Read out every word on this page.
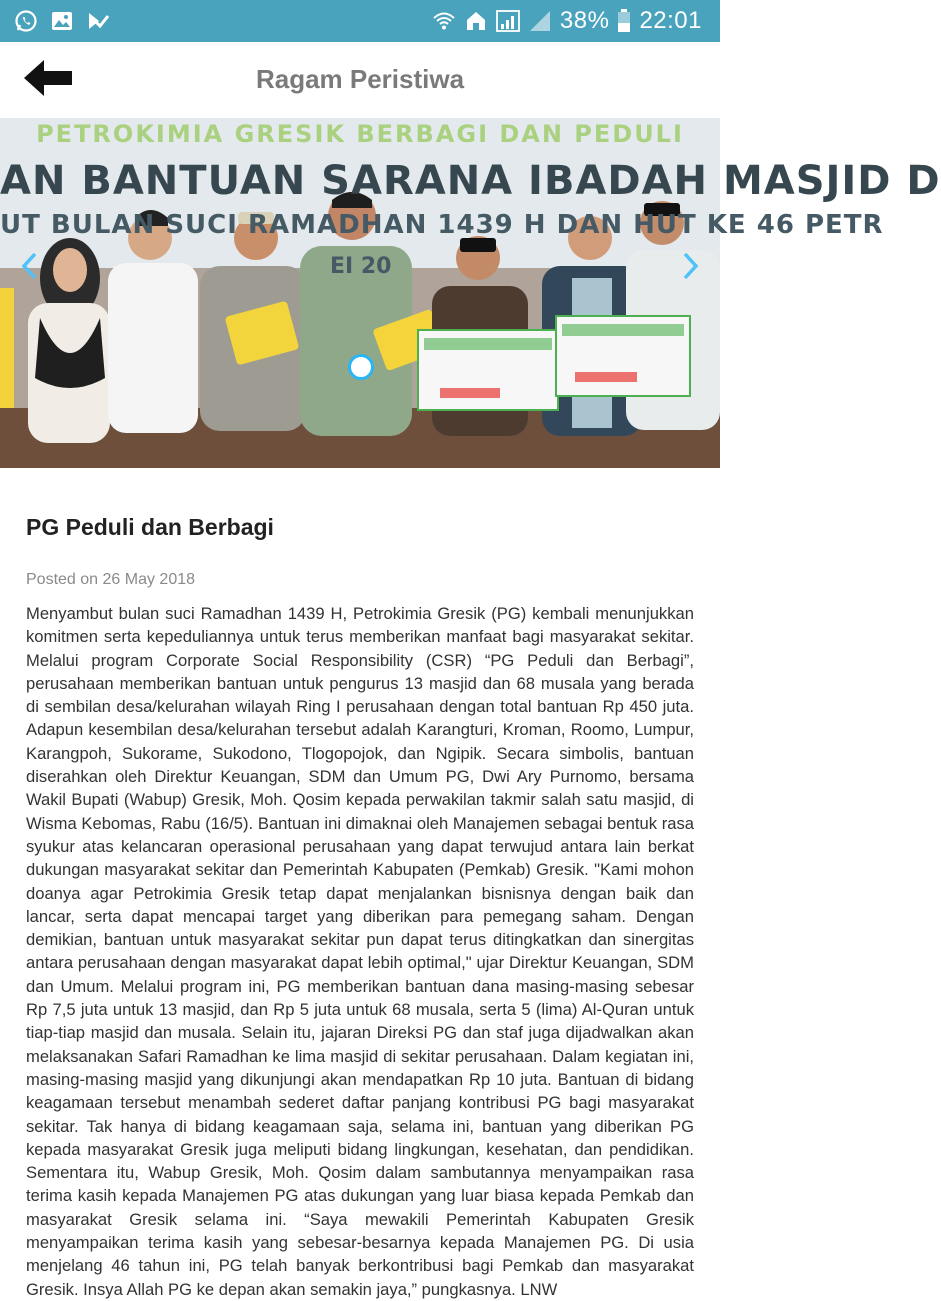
38% 22:01
Ragam Peristiwa
PETROKIMIA GRESIK BERBAGI DAN PEDULI
AN BANTUAN SARANA IBADAH MASJID D
UT BULAN SUCI RAMADHAN 1439 H DAN HUT KE 46 PETR
EI 20
PG Peduli dan Berbagi
Posted on 26 May 2018

Menyambut bulan suci Ramadhan 1439 H, Petrokimia Gresik (PG) kembali menunjukkan komitmen serta kepeduliannya untuk terus memberikan manfaat bagi masyarakat sekitar. Melalui program Corporate Social Responsibility (CSR) “PG Peduli dan Berbagi”, perusahaan memberikan bantuan untuk pengurus 13 masjid dan 68 musala yang berada di sembilan desa/kelurahan wilayah Ring I perusahaan dengan total bantuan Rp 450 juta. Adapun kesembilan desa/kelurahan tersebut adalah Karangturi, Kroman, Roomo, Lumpur, Karangpoh, Sukorame, Sukodono, Tlogopojok, dan Ngipik. Secara simbolis, bantuan diserahkan oleh Direktur Keuangan, SDM dan Umum PG, Dwi Ary Purnomo, bersama Wakil Bupati (Wabup) Gresik, Moh. Qosim kepada perwakilan takmir salah satu masjid, di Wisma Kebomas, Rabu (16/5). Bantuan ini dimaknai oleh Manajemen sebagai bentuk rasa syukur atas kelancaran operasional perusahaan yang dapat terwujud antara lain berkat dukungan masyarakat sekitar dan Pemerintah Kabupaten (Pemkab) Gresik. "Kami mohon doanya agar Petrokimia Gresik tetap dapat menjalankan bisnisnya dengan baik dan lancar, serta dapat mencapai target yang diberikan para pemegang saham. Dengan demikian, bantuan untuk masyarakat sekitar pun dapat terus ditingkatkan dan sinergitas antara perusahaan dengan masyarakat dapat lebih optimal," ujar Direktur Keuangan, SDM dan Umum. Melalui program ini, PG memberikan bantuan dana masing-masing sebesar Rp 7,5 juta untuk 13 masjid, dan Rp 5 juta untuk 68 musala, serta 5 (lima) Al-Quran untuk tiap-tiap masjid dan musala. Selain itu, jajaran Direksi PG dan staf juga dijadwalkan akan melaksanakan Safari Ramadhan ke lima masjid di sekitar perusahaan. Dalam kegiatan ini, masing-masing masjid yang dikunjungi akan mendapatkan Rp 10 juta. Bantuan di bidang keagamaan tersebut menambah sederet daftar panjang kontribusi PG bagi masyarakat sekitar. Tak hanya di bidang keagamaan saja, selama ini, bantuan yang diberikan PG kepada masyarakat Gresik juga meliputi bidang lingkungan, kesehatan, dan pendidikan. Sementara itu, Wabup Gresik, Moh. Qosim dalam sambutannya menyampaikan rasa terima kasih kepada Manajemen PG atas dukungan yang luar biasa kepada Pemkab dan masyarakat Gresik selama ini. “Saya mewakili Pemerintah Kabupaten Gresik menyampaikan terima kasih yang sebesar-besarnya kepada Manajemen PG. Di usia menjelang 46 tahun ini, PG telah banyak berkontribusi bagi Pemkab dan masyarakat Gresik. Insya Allah PG ke depan akan semakin jaya,” pungkasnya. LNW
